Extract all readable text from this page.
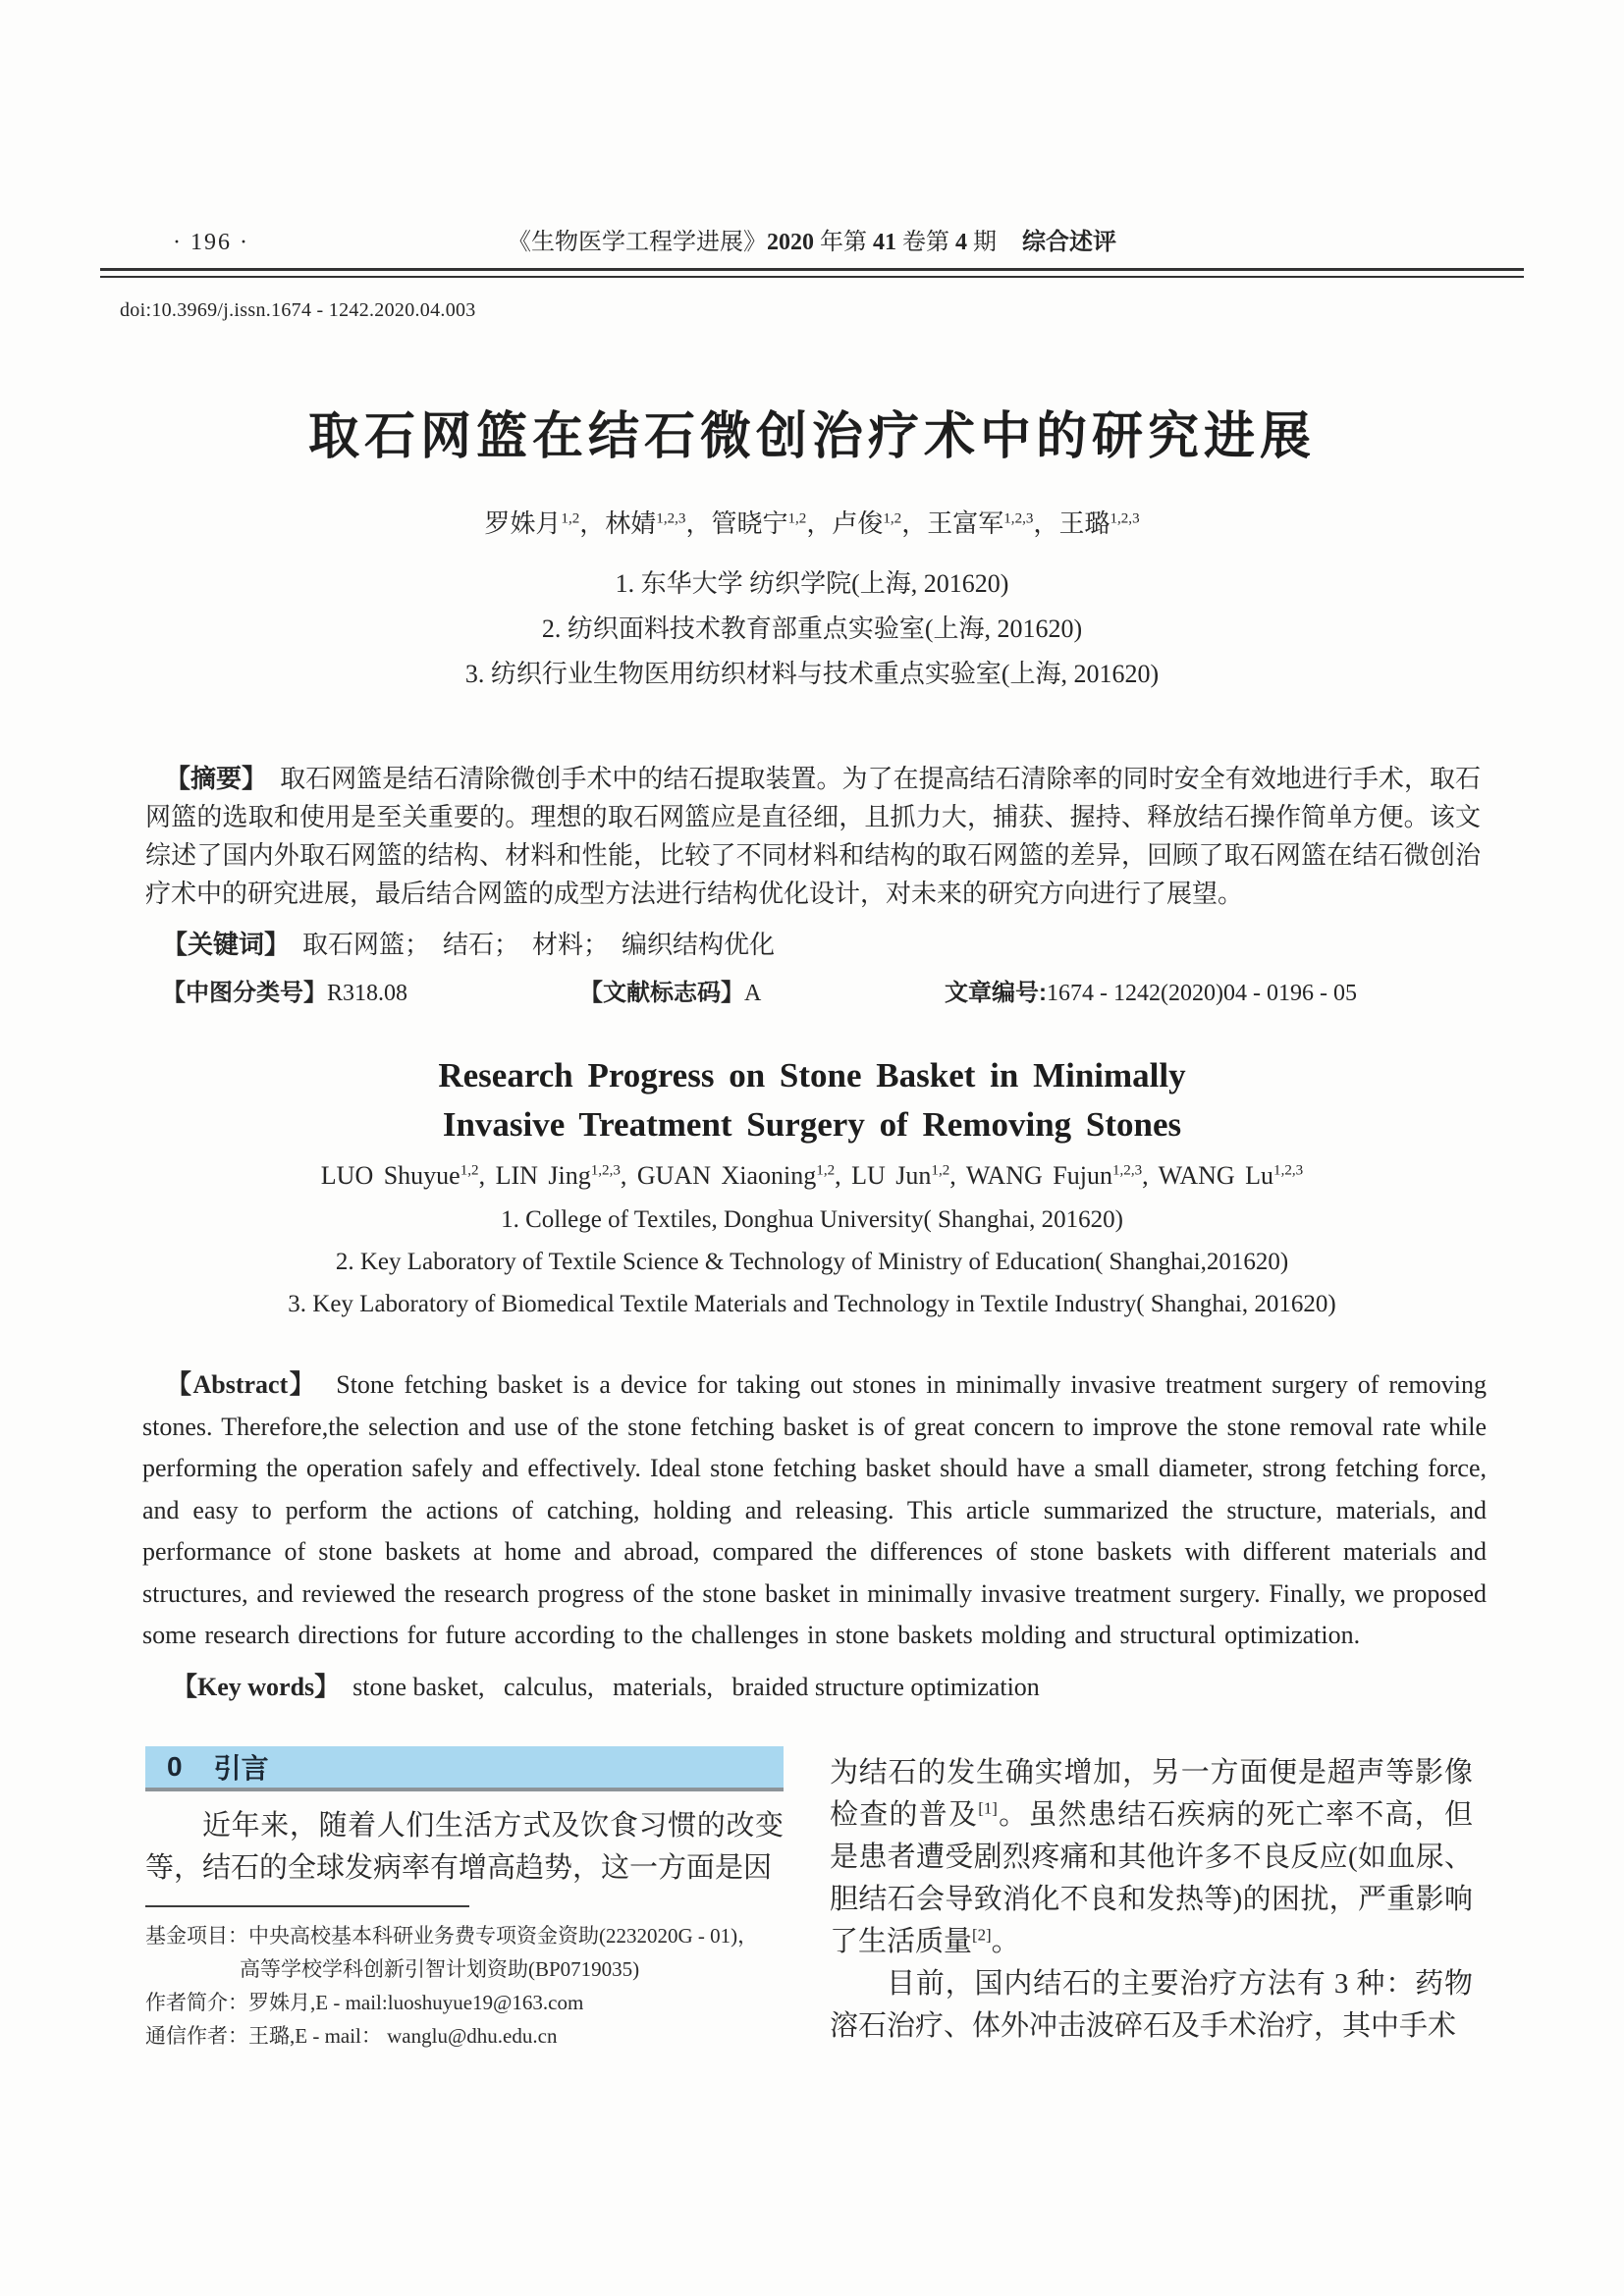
· 196 ·	《生物医学工程学进展》2020 年第 41 卷第 4 期 综合述评
doi:10.3969/j.issn.1674 - 1242.2020.04.003
取石网篮在结石微创治疗术中的研究进展
罗姝月$^{1,2}$，林婧$^{1,2,3}$，管晓宁$^{1,2}$，卢俊$^{1,2}$，王富军$^{1,2,3}$，王璐$^{1,2,3}$
1. 东华大学 纺织学院(上海, 201620)
2. 纺织面料技术教育部重点实验室(上海, 201620)
3. 纺织行业生物医用纺织材料与技术重点实验室(上海, 201620)
【摘要】 取石网篮是结石清除微创手术中的结石提取装置。为了在提高结石清除率的同时安全有效地进行手术，取石网篮的选取和使用是至关重要的。理想的取石网篮应是直径细，且抓力大，捕获、握持、释放结石操作简单方便。该文综述了国内外取石网篮的结构、材料和性能，比较了不同材料和结构的取石网篮的差异，回顾了取石网篮在结石微创治疗术中的研究进展，最后结合网篮的成型方法进行结构优化设计，对未来的研究方向进行了展望。
【关键词】 取石网篮；　结石；　材料；　编织结构优化
【中图分类号】R318.08	【文献标志码】A	文章编号:1674 - 1242(2020)04 - 0196 - 05
Research Progress on Stone Basket in Minimally
Invasive Treatment Surgery of Removing Stones
LUO Shuyue$^{1,2}$, LIN Jing$^{1,2,3}$, GUAN Xiaoning$^{1,2}$, LU Jun$^{1,2}$, WANG Fujun$^{1,2,3}$, WANG Lu$^{1,2,3}$
1. College of Textiles, Donghua University( Shanghai, 201620)
2. Key Laboratory of Textile Science & Technology of Ministry of Education( Shanghai,201620)
3. Key Laboratory of Biomedical Textile Materials and Technology in Textile Industry( Shanghai, 201620)
【Abstract】 Stone fetching basket is a device for taking out stones in minimally invasive treatment surgery of removing stones. Therefore,the selection and use of the stone fetching basket is of great concern to improve the stone removal rate while performing the operation safely and effectively. Ideal stone fetching basket should have a small diameter, strong fetching force, and easy to perform the actions of catching, holding and releasing. This article summarized the structure, materials, and performance of stone baskets at home and abroad, compared the differences of stone baskets with different materials and structures, and reviewed the research progress of the stone basket in minimally invasive treatment surgery. Finally, we proposed some research directions for future according to the challenges in stone baskets molding and structural optimization.
【Key words】 stone basket,   calculus,   materials,   braided structure optimization
0 引言
近年来，随着人们生活方式及饮食习惯的改变等，结石的全球发病率有增高趋势，这一方面是因
基金项目：中央高校基本科研业务费专项资金资助(2232020G - 01)，
高等学校学科创新引智计划资助(BP0719035)
作者简介：罗姝月,E - mail:luoshuyue19@163.com
通信作者：王璐,E - mail： wanglu@dhu.edu.cn
为结石的发生确实增加，另一方面便是超声等影像检查的普及[1]。虽然患结石疾病的死亡率不高，但是患者遭受剧烈疼痛和其他许多不良反应(如血尿、胆结石会导致消化不良和发热等)的困扰，严重影响了生活质量[2]。
目前，国内结石的主要治疗方法有 3 种：药物溶石治疗、体外冲击波碎石及手术治疗，其中手术
